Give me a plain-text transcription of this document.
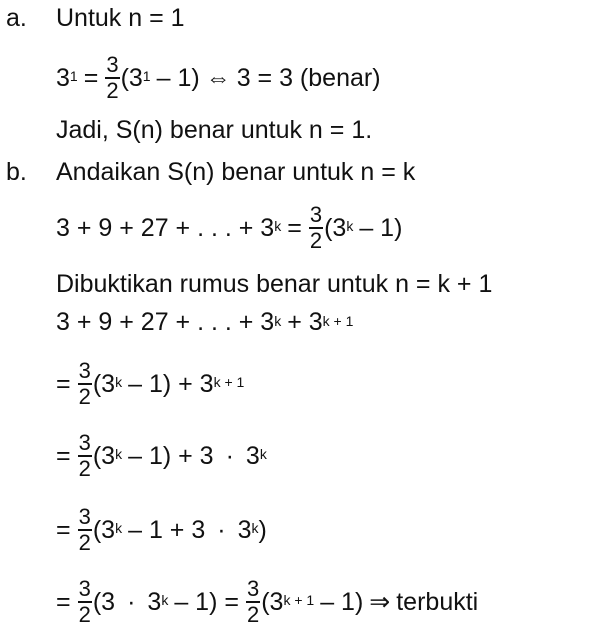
a. Untuk n = 1
$3^1 = \frac{3}{2} (3^1 - 1)$ ⇔ 3 = 3 (benar)
Jadi, S(n) benar untuk n = 1.
b. Andaikan S(n) benar untuk n = k
3 + 9 + 27 + . . . + $3^k = \frac{3}{2} (3^k - 1)$
Dibuktikan rumus benar untuk n = k + 1
3 + 9 + 27 + . . . + $3^k + 3^{k + 1}$
= $\frac{3}{2} (3^k - 1) + 3^{k + 1}$
= $\frac{3}{2} (3^k - 1) + 3 \cdot 3^k$
= $\frac{3}{2} (3^k - 1 + 3 \cdot 3^k$ )
= $\frac{3}{2} (3 \cdot 3^k - 1) = \frac{3}{2} (3^{k + 1} - 1)$ ⇒ terbukti
